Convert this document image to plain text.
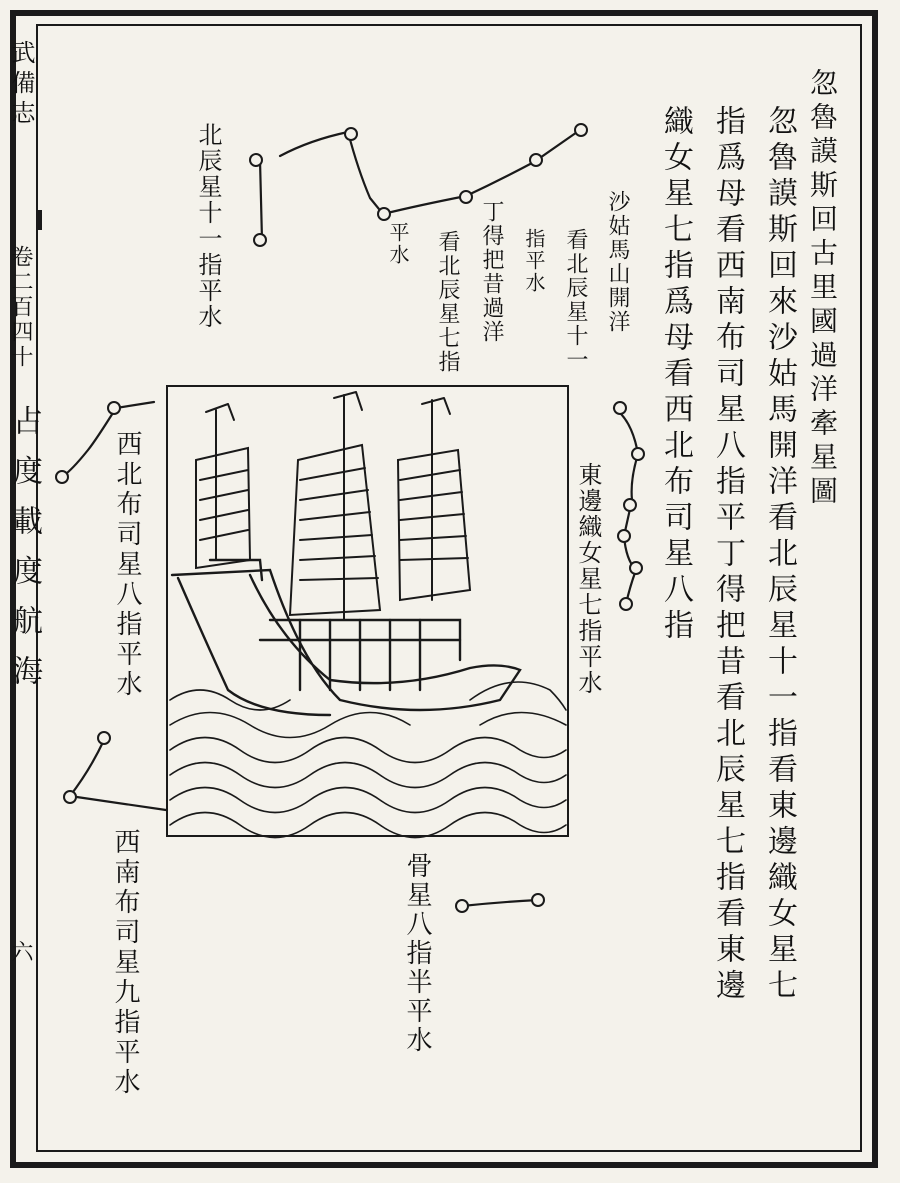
武備志
卷二百四十
占度載度航海
六
忽魯謨斯回古里國過洋牽星圖
忽魯謨斯回來沙姑馬開洋看北辰星十一指看東邊織女星七
指爲母看西南布司星八指平丁得把昔看北辰星七指看東邊
織女星七指爲母看西北布司星八指
北辰星十一指平水	平水	丁得把昔過洋
看北辰星七指	指平水 看北辰星十一 沙姑馬山開洋
西北布司星八指平水	東邊織女星七指平水
西南布司星九指平水	骨星八指半平水
